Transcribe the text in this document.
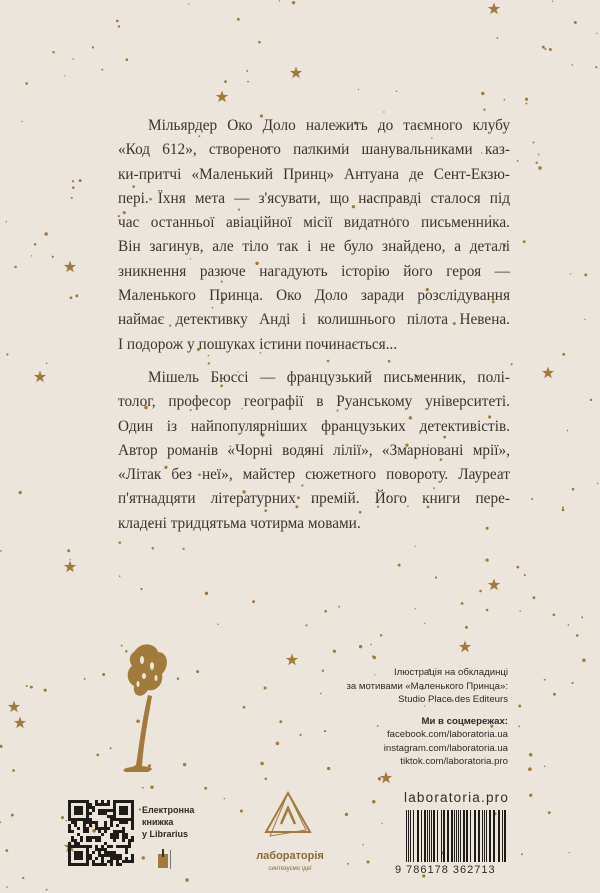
Мільярдер Око Доло належить до таємного клубу
«Код 612», створеного палкими шанувальниками каз-
ки-притчі «Маленький Принц» Антуана де Сент-Екзю-
пері. Їхня мета — з'ясувати, що насправді сталося під
час останньої авіаційної місії видатного письменника.
Він загинув, але тіло так і не було знайдено, а деталі
зникнення разюче нагадують історію його героя —
Маленького Принца. Око Доло заради розслідування
наймає детективку Анді і колишнього пілота Невена.
І подорож у пошуках істини починається...
Мішель Бюссі — французький письменник, полі-
толог, професор географії в Руанському університеті.
Один із найпопулярніших французьких детективістів.
Автор романів «Чорні водяні лілії», «Змарновані мрії»,
«Літак без неї», майстер сюжетного повороту. Лауреат
п'ятнадцяти літературних премій. Його книги пере-
кладені тридцятьма чотирма мовами.
Ілюстрація на обкладинці
за мотивами «Маленького Принца»:
Studio Place des Editeurs
Ми в соцмережах:
facebook.com/laboratoria.ua
instagram.com/laboratoria.ua
tiktok.com/laboratoria.pro
laboratoria.pro
9 786178 362713
Електронна
книжка
у Librarius
лабораторія
синтезуємо ідеї
